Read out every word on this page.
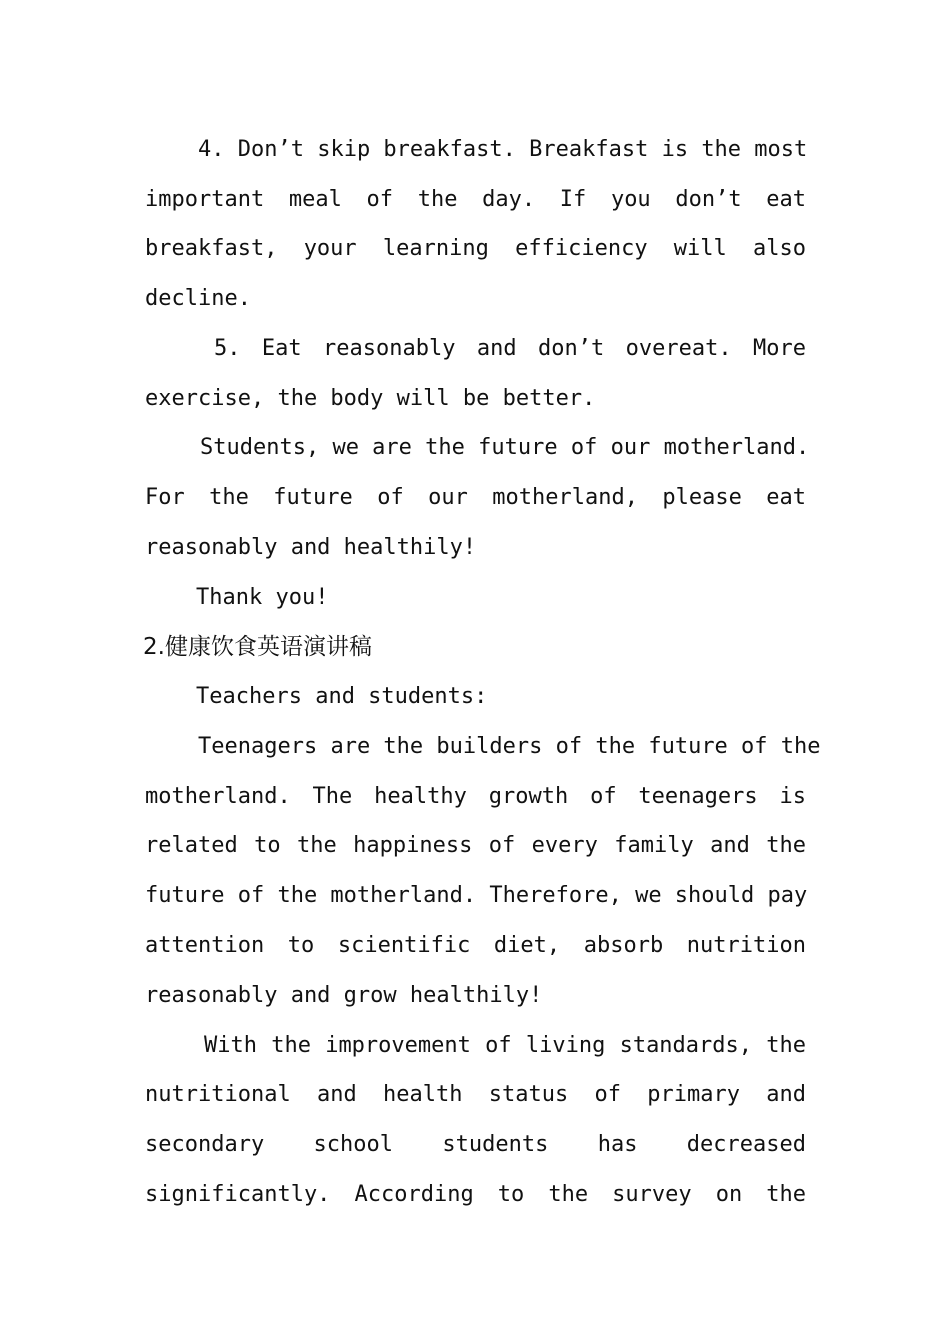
4. Don’t skip breakfast. Breakfast is the most
important meal of the day. If you don’t eat
breakfast, your learning efficiency will also
decline.
5. Eat reasonably and don’t overeat. More
exercise, the body will be better.
Students, we are the future of our motherland.
For the future of our motherland, please eat
reasonably and healthily!
Thank you!
2.健康饮食英语演讲稿
Teachers and students:
Teenagers are the builders of the future of the
motherland. The healthy growth of teenagers is
related to the happiness of every family and the
future of the motherland. Therefore, we should pay
attention to scientific diet, absorb nutrition
reasonably and grow healthily!
With the improvement of living standards, the
nutritional and health status of primary and
secondary school students has decreased
significantly. According to the survey on the
